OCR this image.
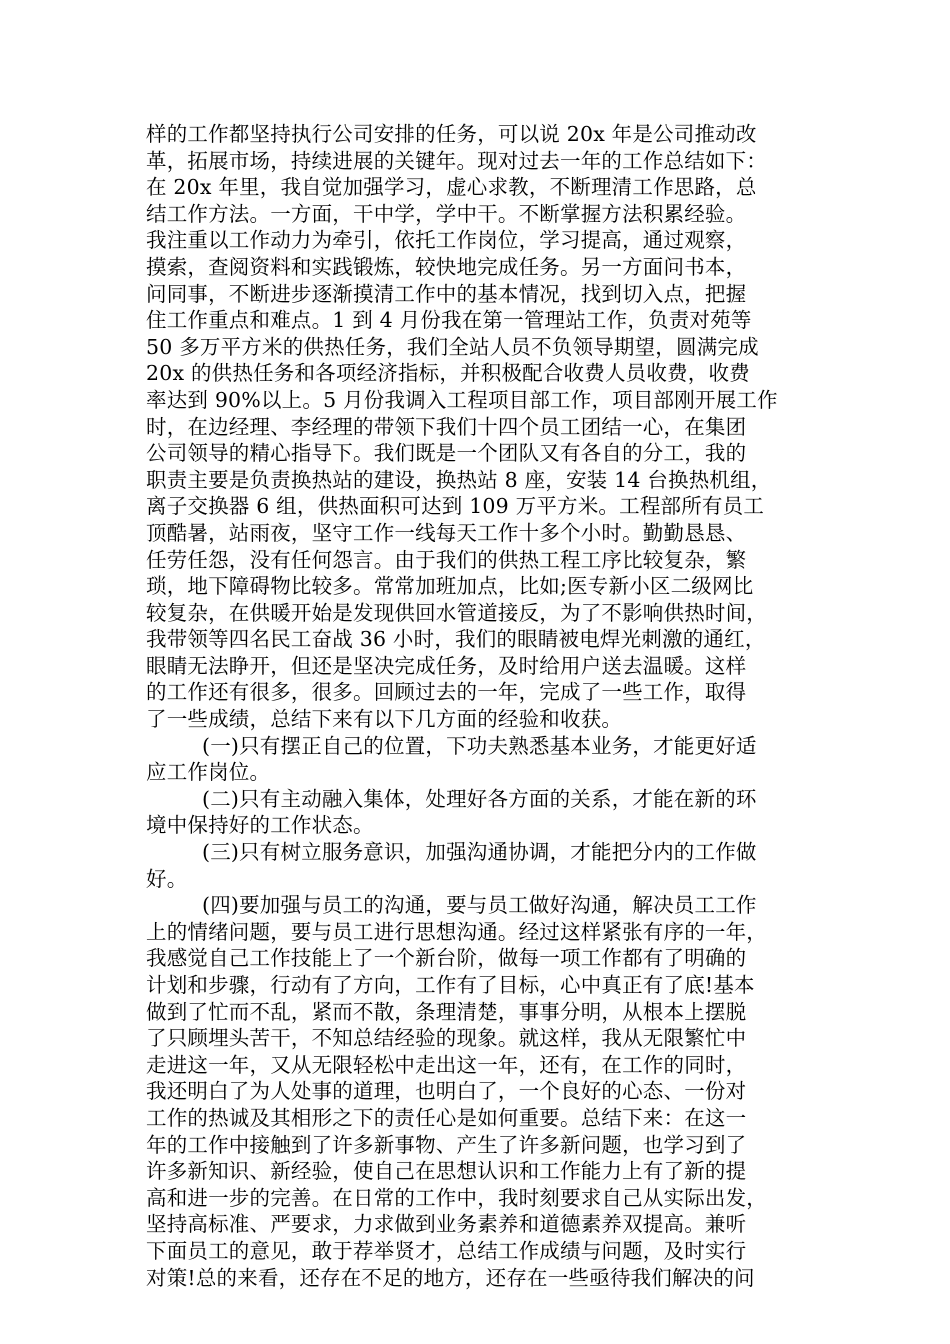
样的工作都坚持执行公司安排的任务，可以说 20x 年是公司推动改
革，拓展市场，持续进展的关键年。现对过去一年的工作总结如下：
在 20x 年里，我自觉加强学习，虚心求教，不断理清工作思路，总
结工作方法。一方面，干中学，学中干。不断掌握方法积累经验。
我注重以工作动力为牵引，依托工作岗位，学习提高，通过观察，
摸索，查阅资料和实践锻炼，较快地完成任务。另一方面问书本，
问同事，不断进步逐渐摸清工作中的基本情况，找到切入点，把握
住工作重点和难点。1 到 4 月份我在第一管理站工作，负责对苑等
50 多万平方米的供热任务，我们全站人员不负领导期望，圆满完成
20x 的供热任务和各项经济指标，并积极配合收费人员收费，收费
率达到 90%以上。5 月份我调入工程项目部工作，项目部刚开展工作
时，在边经理、李经理的带领下我们十四个员工团结一心，在集团
公司领导的精心指导下。我们既是一个团队又有各自的分工，我的
职责主要是负责换热站的建设，换热站 8 座，安装 14 台换热机组，
离子交换器 6 组，供热面积可达到 109 万平方米。工程部所有员工
顶酷暑，站雨夜，坚守工作一线每天工作十多个小时。勤勤恳恳、
任劳任怨，没有任何怨言。由于我们的供热工程工序比较复杂，繁
琐，地下障碍物比较多。常常加班加点，比如;医专新小区二级网比
较复杂，在供暖开始是发现供回水管道接反，为了不影响供热时间，
我带领等四名民工奋战 36 小时，我们的眼睛被电焊光刺激的通红，
眼睛无法睁开，但还是坚决完成任务，及时给用户送去温暖。这样
的工作还有很多，很多。回顾过去的一年，完成了一些工作，取得
了一些成绩，总结下来有以下几方面的经验和收获。
(一)只有摆正自己的位置，下功夫熟悉基本业务，才能更好适
应工作岗位。
(二)只有主动融入集体，处理好各方面的关系，才能在新的环
境中保持好的工作状态。
(三)只有树立服务意识，加强沟通协调，才能把分内的工作做
好。
(四)要加强与员工的沟通，要与员工做好沟通，解决员工工作
上的情绪问题，要与员工进行思想沟通。经过这样紧张有序的一年，
我感觉自己工作技能上了一个新台阶，做每一项工作都有了明确的
计划和步骤，行动有了方向，工作有了目标，心中真正有了底!基本
做到了忙而不乱，紧而不散，条理清楚，事事分明，从根本上摆脱
了只顾埋头苦干，不知总结经验的现象。就这样，我从无限繁忙中
走进这一年，又从无限轻松中走出这一年，还有，在工作的同时，
我还明白了为人处事的道理，也明白了，一个良好的心态、一份对
工作的热诚及其相形之下的责任心是如何重要。总结下来：在这一
年的工作中接触到了许多新事物、产生了许多新问题，也学习到了
许多新知识、新经验，使自己在思想认识和工作能力上有了新的提
高和进一步的完善。在日常的工作中，我时刻要求自己从实际出发，
坚持高标准、严要求，力求做到业务素养和道德素养双提高。兼听
下面员工的意见，敢于荐举贤才，总结工作成绩与问题，及时实行
对策!总的来看，还存在不足的地方，还存在一些亟待我们解决的问
